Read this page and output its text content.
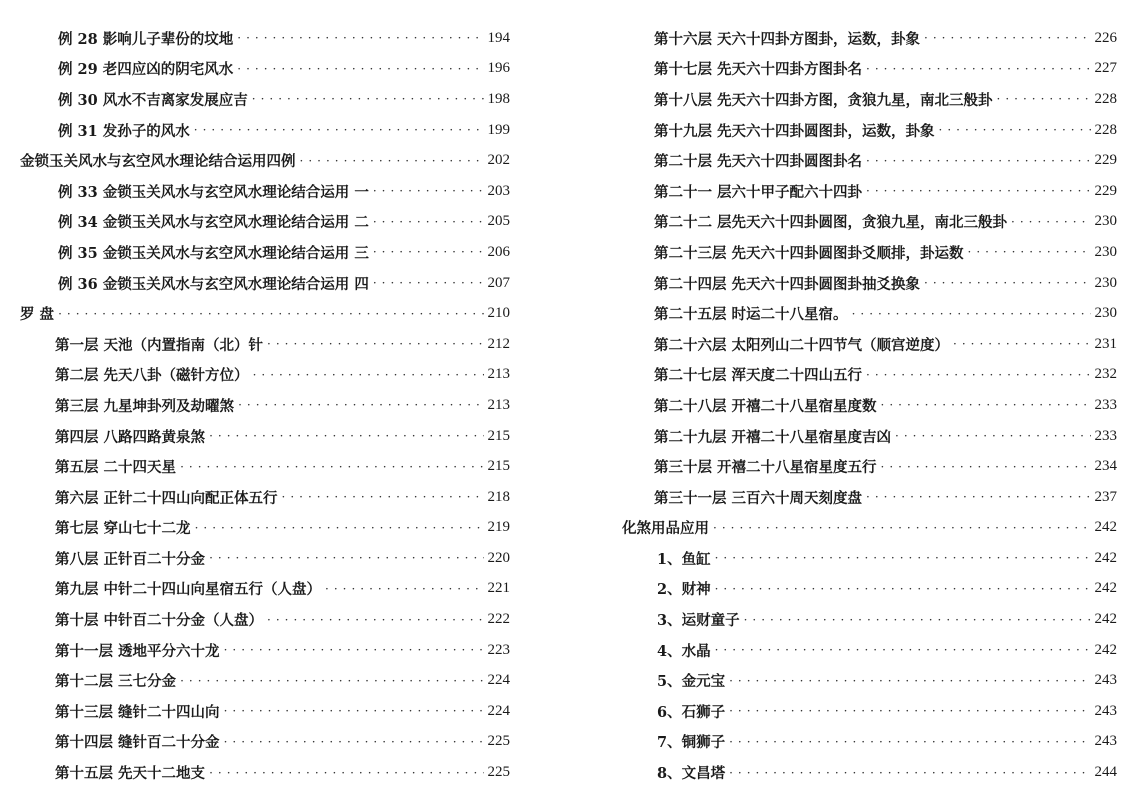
例 28 影响儿子辈份的坟地 ·····	194
例 29 老四应凶的阴宅风水 ·····	196
例 30 风水不吉离家发展应吉 ·····	198
例 31 发孙子的风水 ·····	199
金锁玉关风水与玄空风水理论结合运用四例 ·····	202
例 33 金锁玉关风水与玄空风水理论结合运用 一 ·····	203
例 34 金锁玉关风水与玄空风水理论结合运用 二 ·····	205
例 35 金锁玉关风水与玄空风水理论结合运用 三 ·····	206
例 36 金锁玉关风水与玄空风水理论结合运用 四 ·····	207
罗 盘 ·····	210
第一层 天池（内置指南（北）针 ·····	212
第二层 先天八卦（磁针方位） ·····	213
第三层 九星坤卦列及劫曜煞 ·····	213
第四层 八路四路黄泉煞 ·····	215
第五层 二十四天星 ·····	215
第六层 正针二十四山向配正体五行 ·····	218
第七层 穿山七十二龙 ·····	219
第八层 正针百二十分金 ·····	220
第九层 中针二十四山向星宿五行（人盘） ·····	221
第十层 中针百二十分金（人盘） ·····	222
第十一层 透地平分六十龙 ·····	223
第十二层 三七分金 ·····	224
第十三层 缝针二十四山向 ·····	224
第十四层 缝针百二十分金 ·····	225
第十五层 先天十二地支 ·····	225
第十六层 天六十四卦方图卦，运数，卦象 ·····	226
第十七层 先天六十四卦方图卦名 ·····	227
第十八层 先天六十四卦方图，贪狼九星，南北三般卦 ·····	228
第十九层 先天六十四卦圆图卦，运数，卦象 ·····	228
第二十层 先天六十四卦圆图卦名 ·····	229
第二十一 层六十甲子配六十四卦 ·····	229
第二十二 层先天六十四卦圆图，贪狼九星，南北三般卦 ·····	230
第二十三层 先天六十四卦圆图卦爻顺排，卦运数 ·····	230
第二十四层 先天六十四卦圆图卦抽爻换象 ·····	230
第二十五层 时运二十八星宿。 ·····	230
第二十六层 太阳列山二十四节气（顺宫逆度） ·····	231
第二十七层 浑天度二十四山五行 ·····	232
第二十八层 开禧二十八星宿星度数 ·····	233
第二十九层 开禧二十八星宿星度吉凶 ·····	233
第三十层 开禧二十八星宿星度五行 ·····	234
第三十一层 三百六十周天刻度盘 ·····	237
化煞用品应用 ·····	242
1、鱼缸 ·····	242
2、财神 ·····	242
3、运财童子 ·····	242
4、水晶 ·····	242
5、金元宝 ·····	243
6、石狮子 ·····	243
7、铜狮子 ·····	243
8、文昌塔 ·····	244
